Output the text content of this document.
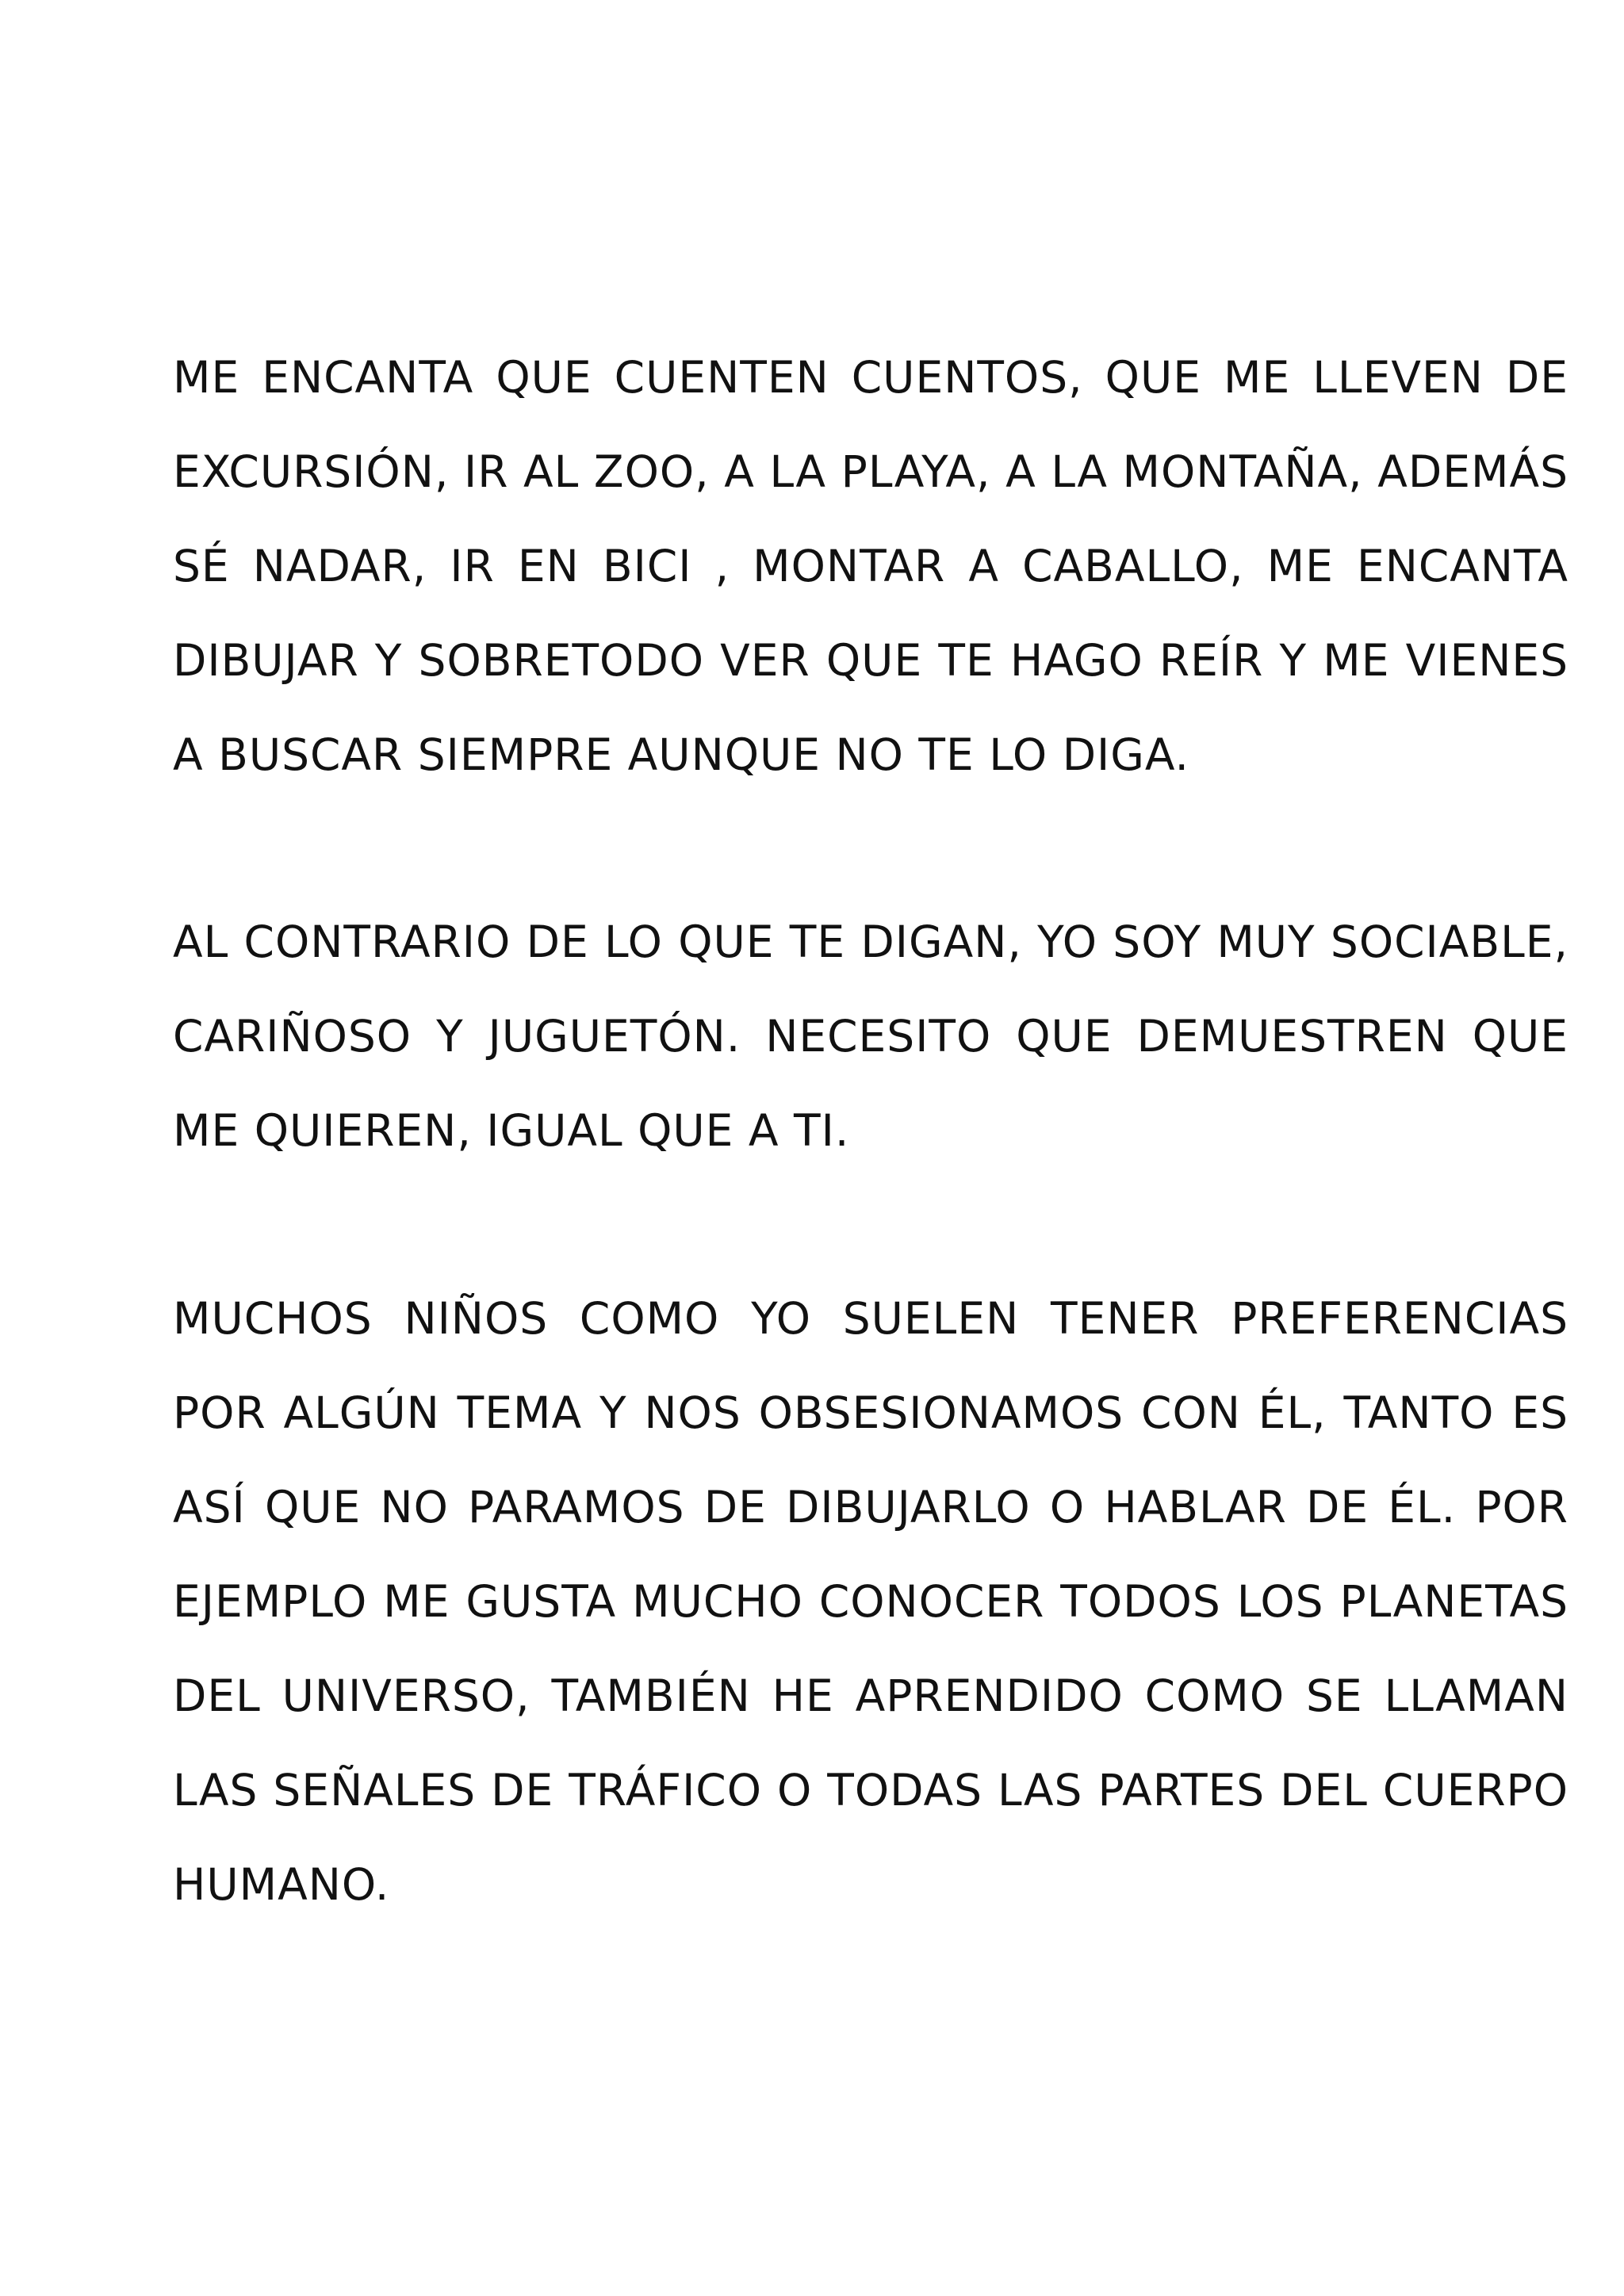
ME ENCANTA QUE CUENTEN CUENTOS, QUE ME LLEVEN DE EXCURSIÓN, IR AL ZOO, A LA PLAYA, A LA MONTAÑA, ADEMÁS SÉ NADAR, IR EN BICI , MONTAR A CABALLO, ME ENCANTA DIBUJAR Y SOBRETODO VER QUE TE HAGO REÍR Y ME VIENES A BUSCAR SIEMPRE AUNQUE NO TE LO DIGA.

AL CONTRARIO DE LO QUE TE DIGAN, YO SOY MUY SOCIABLE, CARIÑOSO Y JUGUETÓN. NECESITO QUE DEMUESTREN QUE ME QUIEREN, IGUAL QUE A TI.

MUCHOS NIÑOS COMO YO SUELEN TENER PREFERENCIAS POR ALGÚN TEMA Y NOS OBSESIONAMOS CON ÉL, TANTO ES ASÍ QUE NO PARAMOS DE DIBUJARLO O HABLAR DE ÉL. POR EJEMPLO ME GUSTA MUCHO CONOCER TODOS LOS PLANETAS DEL UNIVERSO, TAMBIÉN HE APRENDIDO COMO SE LLAMAN LAS SEÑALES DE TRÁFICO O TODAS LAS PARTES DEL CUERPO HUMANO.
